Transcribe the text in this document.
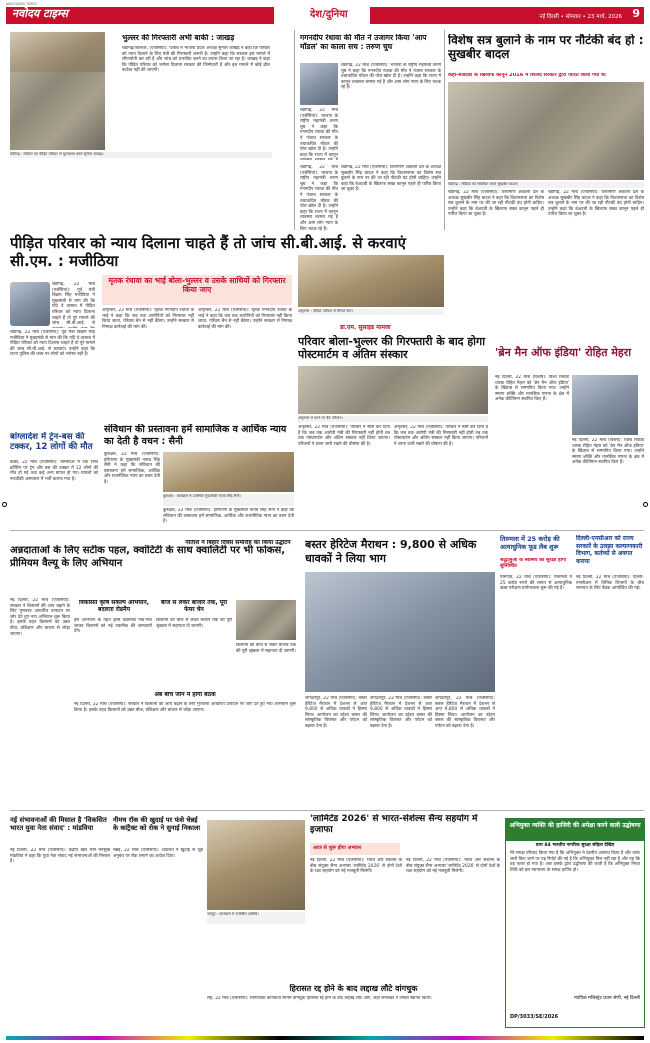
NAVODAYA TIMES
नवोदय टाइम्स	देश/दुनिया	नई दिल्ली • सोमवार • 23 मार्च, 2026 9
भुल्लर की गिरफ्तारी अभी बाकी : जाखड़
चंडीगढ़/जालंधर, (एजेंसियां): पंजाब में भाजपा प्रदेश अध्यक्ष सुनील जाखड़ ने कहा कि परिवार को न्याय दिलाने के लिए मंत्री की गिरफ्तारी जरूरी है। उन्होंने कहा कि सरकार इस मामले में लीपापोती कर रही है और जांच को प्रभावित करने का प्रयास किया जा रहा है। जाखड़ ने कहा कि पीड़ित परिवार को भरोसा दिलाना सरकार की जिम्मेदारी है और इस मामले में कोई ढील बर्दाश्त नहीं की जाएगी।
चंडीगढ़ : रविवार को पीड़ित परिवार से मुलाकात करते सुनील जाखड़।
गगनदीप रंधावा की मौत ने उजागर किया 'आप मॉडल' का काला सच : तरुण चुघ
चंडीगढ़, 22 मार्च (एजेंसियां): भाजपा के राष्ट्रीय महामंत्री तरुण चुघ ने कहा कि गगनदीप रंधावा की मौत ने पंजाब सरकार के तथाकथित मॉडल की पोल खोल दी है। उन्होंने कहा कि राज्य में कानून व्यवस्था चरमरा गई है और आम लोग न्याय के लिए भटक रहे हैं।
चंडीगढ़, 22 मार्च (एजेंसियां): भाजपा के राष्ट्रीय महामंत्री तरुण चुघ ने कहा कि गगनदीप रंधावा की मौत ने पंजाब सरकार के तथाकथित मॉडल की पोल खोल दी है। उन्होंने कहा कि राज्य में कानून
विशेष सत्र बुलाने के नाम पर नौटंकी बंद हो : सुखबीर बादल
कहा-बेअदबी के खिलाफ कानून 2016 में शिअद सरकार द्वारा पारित किया गया था
चंडीगढ़ : मीडिया को संबोधित करते सुखबीर बादल।
चंडीगढ़, 22 मार्च (एजेंसियां): शिरोमणि अकाली दल के अध्यक्ष सुखबीर सिंह बादल ने कहा कि विधानसभा का विशेष सत्र बुलाने के नाम पर की जा रही नौटंकी बंद होनी चाहिए। उन्होंने कहा कि बेअदबी के खिलाफ सख्त कानून पहले ही पारित किया जा चुका है।
चंडीगढ़, 22 मार्च (एजेंसियां): शिरोमणि अकाली दल के अध्यक्ष सुखबीर सिंह बादल ने कहा कि विधानसभा का विशेष सत्र बुलाने के नाम पर की जा रही नौटंकी बंद होनी चाहिए। उन्होंने कहा कि बेअदबी के खिलाफ सख्त कानून पहले ही पारित किया जा चुका है।
चंडीगढ़, 22 मार्च (एजेंसियां): शिरोमणि अकाली दल के अध्यक्ष सुखबीर सिंह बादल ने कहा कि विधानसभा का विशेष सत्र बुलाने के नाम पर की जा रही नौटंकी बंद होनी चाहिए। उन्होंने कहा कि बेअदबी के खिलाफ सख्त कानून पहले ही पारित किया जा चुका है।
चंडीगढ़, 22 मार्च (एजेंसियां): भाजपा के राष्ट्रीय महामंत्री तरुण चुघ ने कहा कि गगनदीप रंधावा की मौत ने पंजाब सरकार के तथाकथित मॉडल की पोल खोल दी है। उन्होंने कहा कि राज्य में कानून व्यवस्था चरमरा गई है और आम लोग न्याय के लिए भटक रहे हैं।
पीड़ित परिवार को न्याय दिलाना चाहते हैं तो जांच सी.बी.आई. से करवाएं सी.एम. : मजीठिया
चंडीगढ़, 22 मार्च (एजेंसियां): पूर्व मंत्री बिक्रम सिंह मजीठिया ने मुख्यमंत्री से मांग की कि यदि वे वास्तव में पीड़ित परिवार को न्याय दिलाना चाहते हैं तो पूरे मामले की जांच सी.बी.आई. से करवाएं। उन्होंने कहा कि राज्य पुलिस की जांच पर लोगों को भरोसा नहीं है।
चंडीगढ़, 22 मार्च (एजेंसियां): पूर्व मंत्री बिक्रम सिंह मजीठिया ने मुख्यमंत्री से मांग की कि यदि वे वास्तव में पीड़ित परिवार को न्याय दिलाना चाहते हैं तो पूरे मामले की जांच सी.बी.आई. से
मृतक रंधावा का भाई बोला-भुल्लर व उसके साथियों को गिरफ्तार किया जाए
अमृतसर, 22 मार्च (एजेंसियां): मृतक गगनदीप रंधावा के भाई ने कहा कि जब तक आरोपियों को गिरफ्तार नहीं किया जाता, परिवार चैन से नहीं बैठेगा। उन्होंने सरकार से निष्पक्ष कार्रवाई की मांग की।
अमृतसर, 22 मार्च (एजेंसियां): मृतक गगनदीप रंधावा के भाई ने कहा कि जब तक आरोपियों को गिरफ्तार नहीं किया जाता, परिवार चैन से नहीं बैठेगा। उन्होंने सरकार से निष्पक्ष कार्रवाई की मांग की।
अमृतसर : पीड़ित परिवार से मिलते नेता।
डी.एम. सुसाइड मामला
परिवार बोला-भुल्लर की गिरफ्तारी के बाद होगा पोस्टमार्टम व अंतिम संस्कार
अमृतसर में धरने पर बैठे परिजन।
अमृतसर, 22 मार्च (एजेंसियां): परिवार ने स्पष्ट कर दिया है कि जब तक आरोपी मंत्री की गिरफ्तारी नहीं होती तब तक पोस्टमार्टम और अंतिम संस्कार नहीं किया जाएगा। परिजनों ने धरना जारी रखने की घोषणा की है।
अमृतसर, 22 मार्च (एजेंसियां): परिवार ने स्पष्ट कर दिया है कि जब तक आरोपी मंत्री की गिरफ्तारी नहीं होती तब तक पोस्टमार्टम और अंतिम संस्कार नहीं किया जाएगा। परिजनों ने धरना जारी रखने की घोषणा की है।
'ब्रेन मैन ऑफ इंडिया' रोहित मेहरा
नई दिल्ली, 22 मार्च (विशेष): विश्व रिकॉर्ड धारक रोहित मेहरा को 'ब्रेन मैन ऑफ इंडिया' के खिताब से सम्मानित किया गया। उन्होंने स्मरण शक्ति और मानसिक गणना के क्षेत्र में अनेक कीर्तिमान स्थापित किए हैं।
नई दिल्ली, 22 मार्च (विशेष): विश्व रिकॉर्ड धारक रोहित मेहरा को 'ब्रेन मैन ऑफ इंडिया' के खिताब से सम्मानित किया गया। उन्होंने स्मरण शक्ति और मानसिक गणना के क्षेत्र में अनेक कीर्तिमान स्थापित किए हैं।
बांग्लादेश में ट्रेन-बस की टक्कर, 12 लोगों की मौत
ढाका, 22 मार्च (एजेंसियां): बांग्लादेश में एक रेलवे क्रॉसिंग पर ट्रेन और बस की टक्कर में 12 लोगों की मौत हो गई तथा कई अन्य घायल हो गए। घायलों को नजदीकी अस्पताल में भर्ती कराया गया है।
संविधान की प्रस्तावना हमें सामाजिक व आर्थिक न्याय का देती है वचन : सैनी
कुरुक्षेत्र, 22 मार्च (एजेंसियां): हरियाणा के मुख्यमंत्री नायब सिंह सैनी ने कहा कि संविधान की प्रस्तावना हमें सामाजिक, आर्थिक और राजनीतिक न्याय का वचन देती है।
कुरुक्षेत्र : कार्यक्रम में उपस्थित मुख्यमंत्री नायब सिंह सैनी।
कुरुक्षेत्र, 22 मार्च (एजेंसियां): हरियाणा के मुख्यमंत्री नायब सिंह सैनी ने कहा कि संविधान की प्रस्तावना हमें सामाजिक, आर्थिक और राजनीतिक न्याय का वचन देती है।
नीतीश ने बिहार दिवस समारोह का किया उद्घाटन
अन्नदाताओं के लिए सटीक पहल, क्वांटिटी के साथ क्वालिटी पर भी फोकस, प्रीमियम वैल्यू के लिए अभियान
नई दिल्ली, 22 मार्च (एजेंसियां): सरकार ने किसानों की आय बढ़ाने के लिए गुणवत्ता आधारित उत्पादन पर जोर देते हुए नया अभियान शुरू किया है। इसके तहत किसानों को उन्नत बीज, प्रशिक्षण और बाजार से जोड़ा जाएगा।
विकसित कृषि संकल्प अभियान, बदलता रोडमैप
इस अभियान के तहत कृषि वैज्ञानिक गांव-गांव जाकर किसानों को नई तकनीक की जानकारी देंगे।
बीज से लेकर बाजार तक, पूरा फेयर चेन
किसानों को बीज से लेकर बाजार तक की पूरी श्रृंखला में सहायता दी जाएगी।
किसानों को बीज से लेकर बाजार तक की पूरी श्रृंखला में सहायता दी जाएगी।
अब बीच जोन में होगी बैठक
नई दिल्ली, 22 मार्च (एजेंसियां): सरकार ने किसानों की आय बढ़ाने के लिए गुणवत्ता आधारित उत्पादन पर जोर देते हुए नया अभियान शुरू किया है। इसके तहत किसानों को उन्नत बीज, प्रशिक्षण और बाजार से जोड़ा जाएगा।
नई संभावनाओं की मिसाल है 'विकसित भारत युवा नेता संवाद' : मांडविया
नई दिल्ली, 22 मार्च (एजेंसियां): केंद्रीय खेल मंत्री मनसुख मांडविया ने कहा कि युवा नेता संवाद नई संभावनाओं की मिसाल है।
नीमच रॉक की खुदाई पर फंसे चेन्नई के कांट्रैक्ट को रोक ने सुनाई निकाला
चेन्नई, 22 मार्च (एजेंसियां): अदालत ने खुदाई से जुड़े अनुबंध पर रोक लगाने का आदेश दिया।
बस्तर हेरिटेज मैराथन : 9,800 से अधिक धावकों ने लिया भाग
जगदलपुर, 22 मार्च (एजेंसियां): बस्तर हेरिटेज मैराथन में देशभर से आए 9,800 से अधिक धावकों ने हिस्सा लिया। आयोजन का उद्देश्य बस्तर की सांस्कृतिक विरासत और पर्यटन को बढ़ावा देना है।
जगदलपुर, 22 मार्च (एजेंसियां): बस्तर हेरिटेज मैराथन में देशभर से आए 9,800 से अधिक धावकों ने हिस्सा लिया। आयोजन का उद्देश्य बस्तर की सांस्कृतिक विरासत और पर्यटन को बढ़ावा देना है।
जगदलपुर, 22 मार्च (एजेंसियां): बस्तर हेरिटेज मैराथन में देशभर से आए 9,800 से अधिक धावकों ने हिस्सा लिया। आयोजन का उद्देश्य बस्तर की सांस्कृतिक विरासत और पर्यटन को बढ़ावा देना है।
तिरुमला में 25 करोड़ की अत्याधुनिक फूड लैब शुरू
श्रद्धालुओं के स्वास्थ्य की सुरक्षा होगी सुनिश्चित
तिरुपति, 22 मार्च (एजेंसियां): तिरुमला में 25 करोड़ रुपये की लागत से अत्याधुनिक खाद्य परीक्षण प्रयोगशाला शुरू की गई है।
दिल्ली-एनसीआर को राज्य सरकारें के उलझा कल्याणकारी विभाग, कर्तव्यों से अवगत कराया
नई दिल्ली, 22 मार्च (एजेंसियां): दिल्ली-एनसीआर में विभिन्न विभागों के बीच समन्वय के लिए बैठक आयोजित की गई।
'लामिटेंड 2026' से भारत-सेशेल्स सैन्य सहयोग में इजाफा
आज से शुरू होगा अभ्यास
नई दिल्ली, 22 मार्च (एजेंसियां): भारत और सेशेल्स के बीच संयुक्त सैन्य अभ्यास 'लामिटेंड 2026' से दोनों देशों के रक्षा सहयोग को नई मजबूती मिलेगी।
नई दिल्ली, 22 मार्च (एजेंसियां): भारत और सेशेल्स के बीच संयुक्त सैन्य अभ्यास 'लामिटेंड 2026' से दोनों देशों के रक्षा सहयोग को नई मजबूती मिलेगी।
जयपुर : कार्यक्रम में उपस्थित अतिथि।
हिरासत रद्द होने के बाद लद्दाख लौटे वांगचुक
लेह, 22 मार्च (एजेंसियां): सामाजिक कार्यकर्ता सोनम वांगचुक हिरासत रद्द होने के बाद लद्दाख लौट आए, जहां समर्थकों ने उनका स्वागत किया।
अभियुक्त व्यक्ति की हाजिरी की अपेक्षा करने वाली उद्घोषणा
धारा 84 भारतीय नागरिक सुरक्षा संहिता देखिए
मेरे समक्ष परिवाद किया गया है कि अभियुक्त ने दंडनीय अपराध किया है और वारंट जारी किए जाने पर यह रिपोर्ट की गई है कि अभियुक्त मिल नहीं रहा है और यह कि वह फरार हो गया है। अतः इसके द्वारा उद्घोषणा की जाती है कि अभियुक्त नियत तिथि को इस न्यायालय के समक्ष हाजिर हो।
न्यायिक मजिस्ट्रेट प्रथम श्रेणी, नई दिल्ली
DP/3033/SE/2026
